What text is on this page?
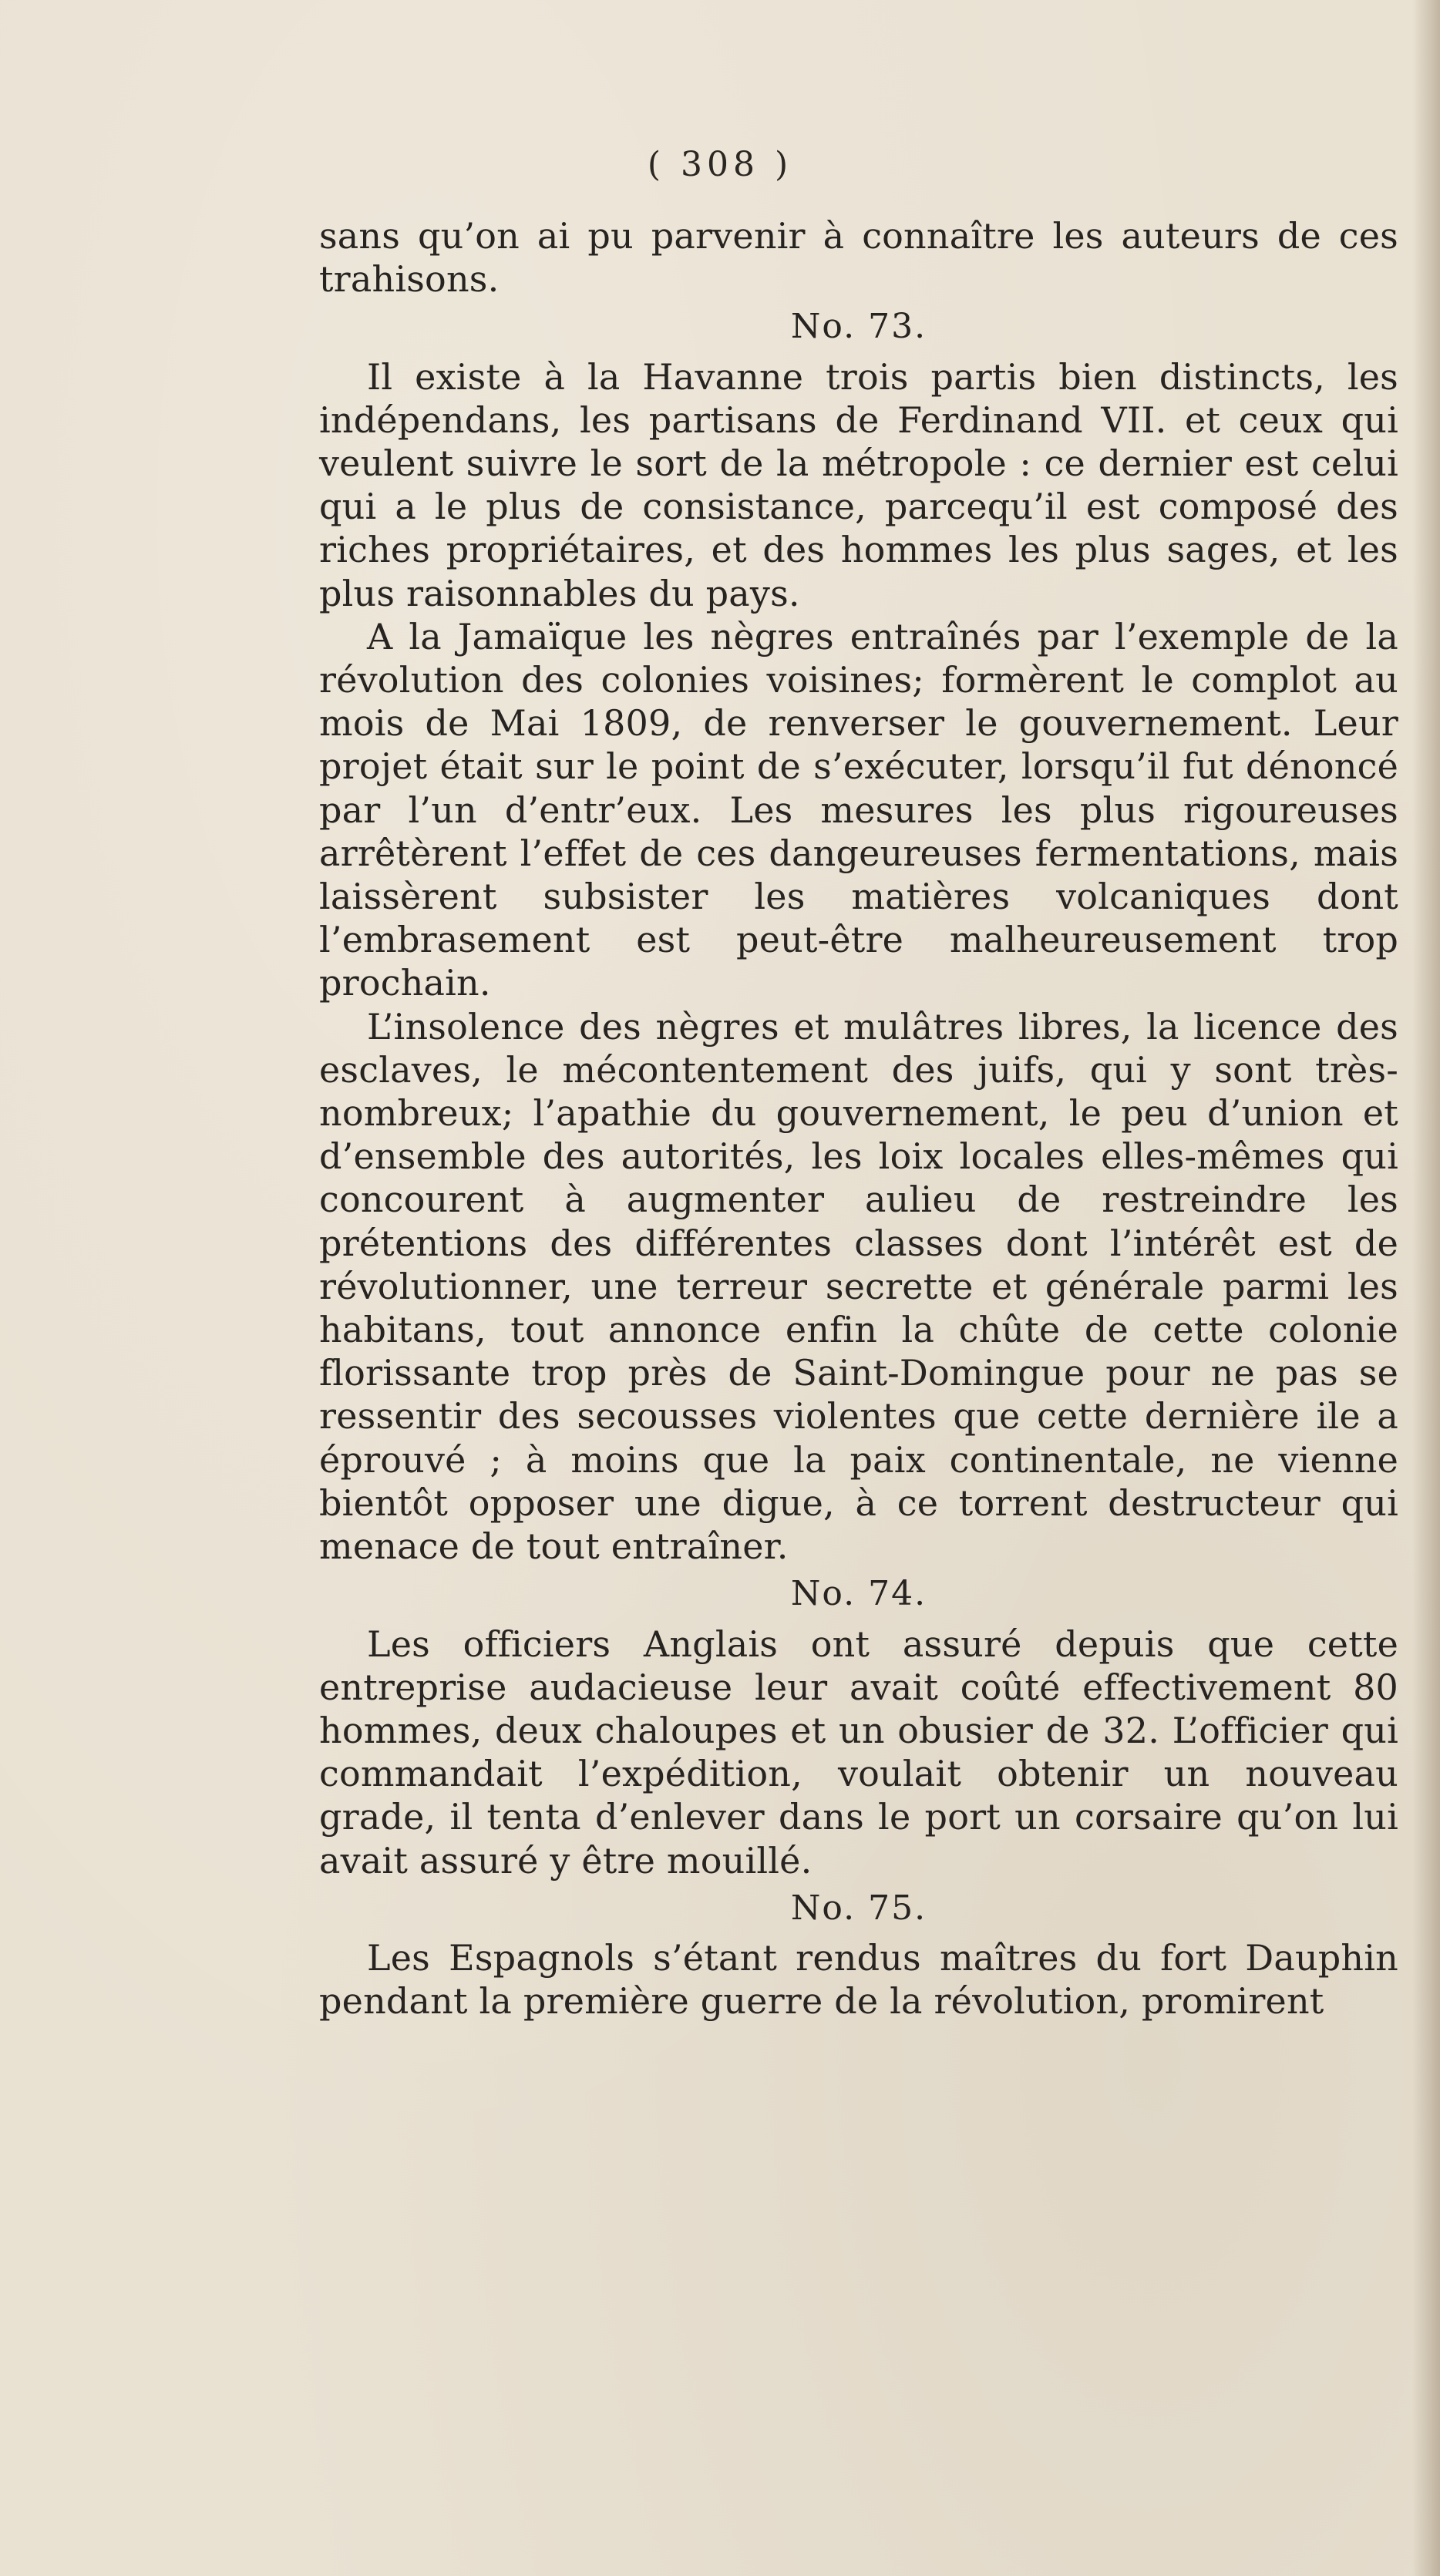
( 308 )

sans qu’on ai pu parvenir à connaître les auteurs de ces trahisons.

No. 73.

Il existe à la Havanne trois partis bien distincts, les indépendans, les partisans de Ferdinand VII. et ceux qui veulent suivre le sort de la métropole : ce dernier est celui qui a le plus de consistance, parcequ’il est composé des riches propriétaires, et des hommes les plus sages, et les plus raisonnables du pays.

A la Jamaïque les nègres entraînés par l’exemple de la révolution des colonies voisines; formèrent le complot au mois de Mai 1809, de renverser le gouvernement. Leur projet était sur le point de s’exécuter, lorsqu’il fut dénoncé par l’un d’entr’eux. Les mesures les plus rigoureuses arrêtèrent l’effet de ces dangeureuses fermentations, mais laissèrent subsister les matières volcaniques dont l’embrasement est peut-être malheureusement trop prochain.

L’insolence des nègres et mulâtres libres, la licence des esclaves, le mécontentement des juifs, qui y sont très-nombreux; l’apathie du gouvernement, le peu d’union et d’ensemble des autorités, les loix locales elles-mêmes qui concourent à augmenter aulieu de restreindre les prétentions des différentes classes dont l’intérêt est de révolutionner, une terreur secrette et générale parmi les habitans, tout annonce enfin la chûte de cette colonie florissante trop près de Saint-Domingue pour ne pas se ressentir des secousses violentes que cette dernière ile a éprouvé ; à moins que la paix continentale, ne vienne bientôt opposer une digue, à ce torrent destructeur qui menace de tout entraîner.

No. 74.

Les officiers Anglais ont assuré depuis que cette entreprise audacieuse leur avait coûté effectivement 80 hommes, deux chaloupes et un obusier de 32. L’officier qui commandait l’expédition, voulait obtenir un nouveau grade, il tenta d’enlever dans le port un corsaire qu’on lui avait assuré y être mouillé.

No. 75.

Les Espagnols s’étant rendus maîtres du fort Dauphin pendant la première guerre de la révolution, promirent
